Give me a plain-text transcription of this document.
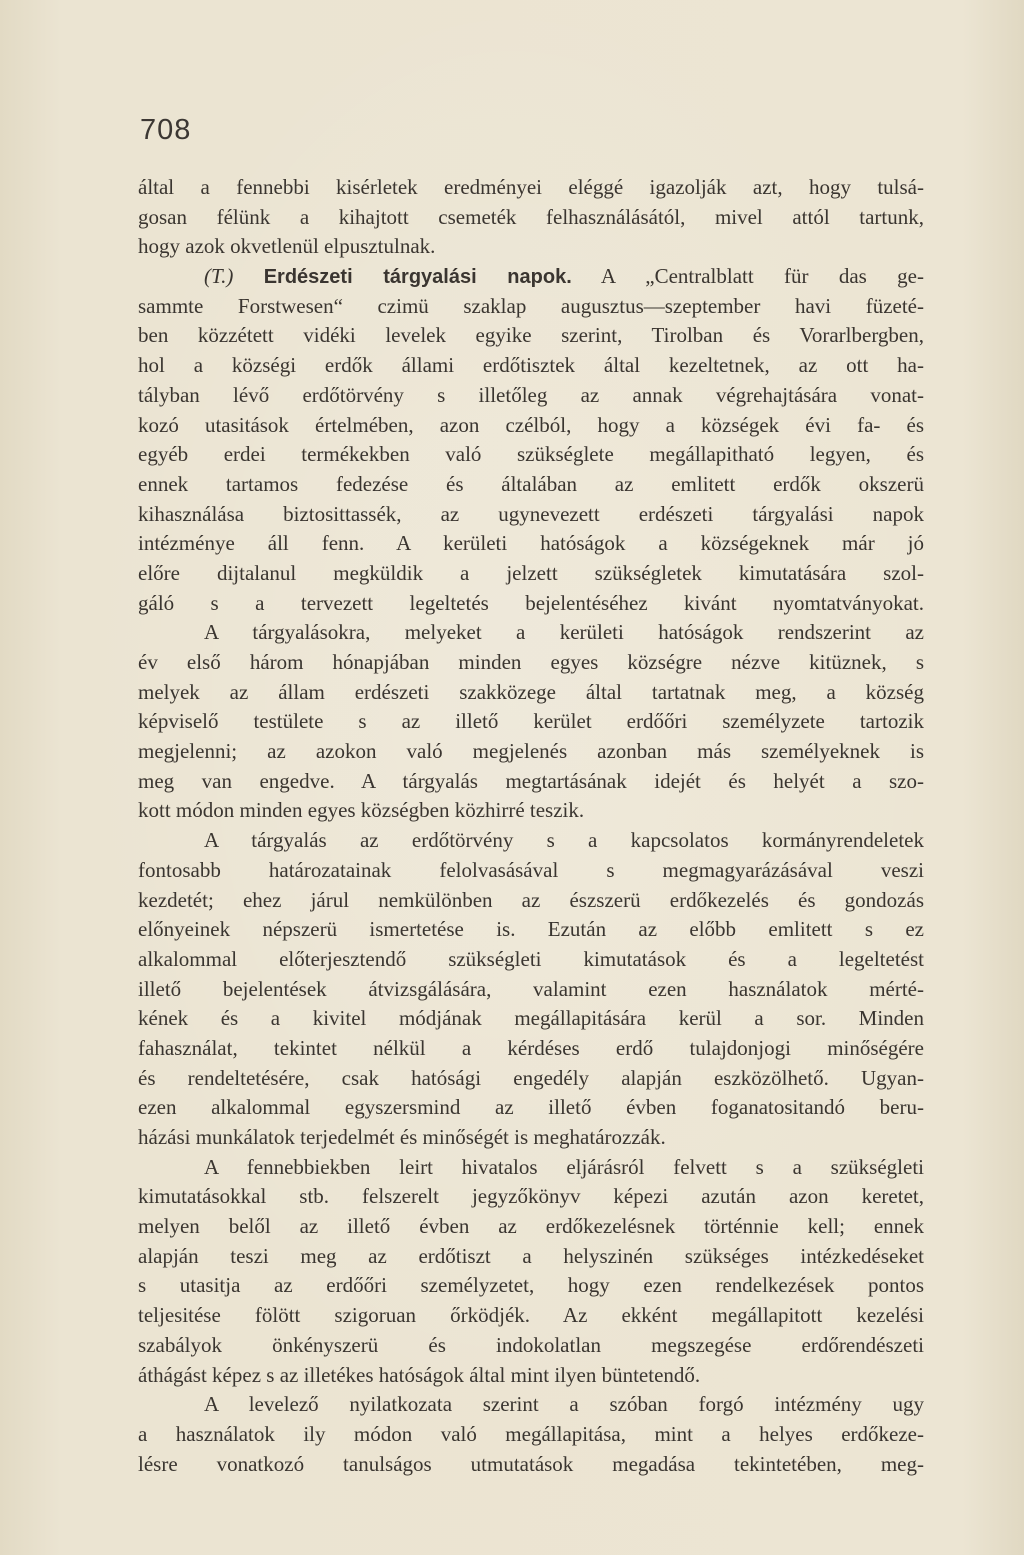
708
által a fennebbi kisérletek eredményei eléggé igazolják azt, hogy tulsá-
gosan félünk a kihajtott csemeték felhasználásától, mivel attól tartunk,
hogy azok okvetlenül elpusztulnak.
(T.) Erdészeti tárgyalási napok. A „Centralblatt für das ge-
sammte Forstwesen“ czimü szaklap augusztus—szeptember havi füzeté-
ben közzétett vidéki levelek egyike szerint, Tirolban és Vorarlbergben,
hol a községi erdők állami erdőtisztek által kezeltetnek, az ott ha-
tályban lévő erdőtörvény s illetőleg az annak végrehajtására vonat-
kozó utasitások értelmében, azon czélból, hogy a községek évi fa- és
egyéb erdei termékekben való szükséglete megállapitható legyen, és
ennek tartamos fedezése és általában az emlitett erdők okszerü
kihasználása biztosittassék, az ugynevezett erdészeti tárgyalási napok
intézménye áll fenn. A kerületi hatóságok a községeknek már jó
előre dijtalanul megküldik a jelzett szükségletek kimutatására szol-
gáló s a tervezett legeltetés bejelentéséhez kivánt nyomtatványokat.
A tárgyalásokra, melyeket a kerületi hatóságok rendszerint az
év első három hónapjában minden egyes községre nézve kitüznek, s
melyek az állam erdészeti szakközege által tartatnak meg, a község
képviselő testülete s az illető kerület erdőőri személyzete tartozik
megjelenni; az azokon való megjelenés azonban más személyeknek is
meg van engedve. A tárgyalás megtartásának idejét és helyét a szo-
kott módon minden egyes községben közhirré teszik.
A tárgyalás az erdőtörvény s a kapcsolatos kormányrendeletek
fontosabb határozatainak felolvasásával s megmagyarázásával veszi
kezdetét; ehez járul nemkülönben az észszerü erdőkezelés és gondozás
előnyeinek népszerü ismertetése is. Ezután az előbb emlitett s ez
alkalommal előterjesztendő szükségleti kimutatások és a legeltetést
illető bejelentések átvizsgálására, valamint ezen használatok mérté-
kének és a kivitel módjának megállapitására kerül a sor. Minden
fahasználat, tekintet nélkül a kérdéses erdő tulajdonjogi minőségére
és rendeltetésére, csak hatósági engedély alapján eszközölhető. Ugyan-
ezen alkalommal egyszersmind az illető évben foganatositandó beru-
házási munkálatok terjedelmét és minőségét is meghatározzák.
A fennebbiekben leirt hivatalos eljárásról felvett s a szükségleti
kimutatásokkal stb. felszerelt jegyzőkönyv képezi azután azon keretet,
melyen belől az illető évben az erdőkezelésnek történnie kell; ennek
alapján teszi meg az erdőtiszt a helyszinén szükséges intézkedéseket
s utasitja az erdőőri személyzetet, hogy ezen rendelkezések pontos
teljesitése fölött szigoruan őrködjék. Az ekként megállapitott kezelési
szabályok önkényszerü és indokolatlan megszegése erdőrendészeti
áthágást képez s az illetékes hatóságok által mint ilyen büntetendő.
A levelező nyilatkozata szerint a szóban forgó intézmény ugy
a használatok ily módon való megállapitása, mint a helyes erdőkeze-
lésre vonatkozó tanulságos utmutatások megadása tekintetében, meg-
